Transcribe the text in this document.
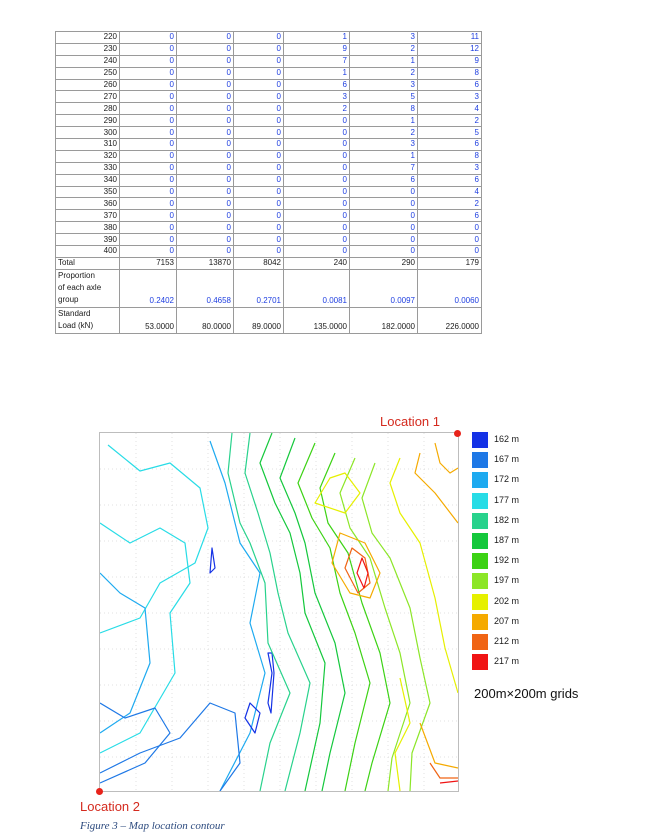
220	0	0	0	1	3	11
230	0	0	0	9	2	12
240	0	0	0	7	1	9
250	0	0	0	1	2	8
260	0	0	0	6	3	6
270	0	0	0	3	5	3
280	0	0	0	2	8	4
290	0	0	0	0	1	2
300	0	0	0	0	2	5
310	0	0	0	0	3	6
320	0	0	0	0	1	8
330	0	0	0	0	7	3
340	0	0	0	0	6	6
350	0	0	0	0	0	4
360	0	0	0	0	0	2
370	0	0	0	0	0	6
380	0	0	0	0	0	0
390	0	0	0	0	0	0
400	0	0	0	0	0	0
Total	7153	13870	8042	240	290	179

Proportion
of each axle
group	0.2402	0.4658	0.2701	0.0081	0.0097	0.0060

Standard
Load (kN)	53.0000	80.0000	89.0000	135.0000	182.0000	226.0000
Location 1
Location 2
162 m
167 m
172 m
177 m
182 m
187 m
192 m
197 m
202 m
207 m
212 m
217 m
200m×200m grids
Figure 3 – Map location contour
